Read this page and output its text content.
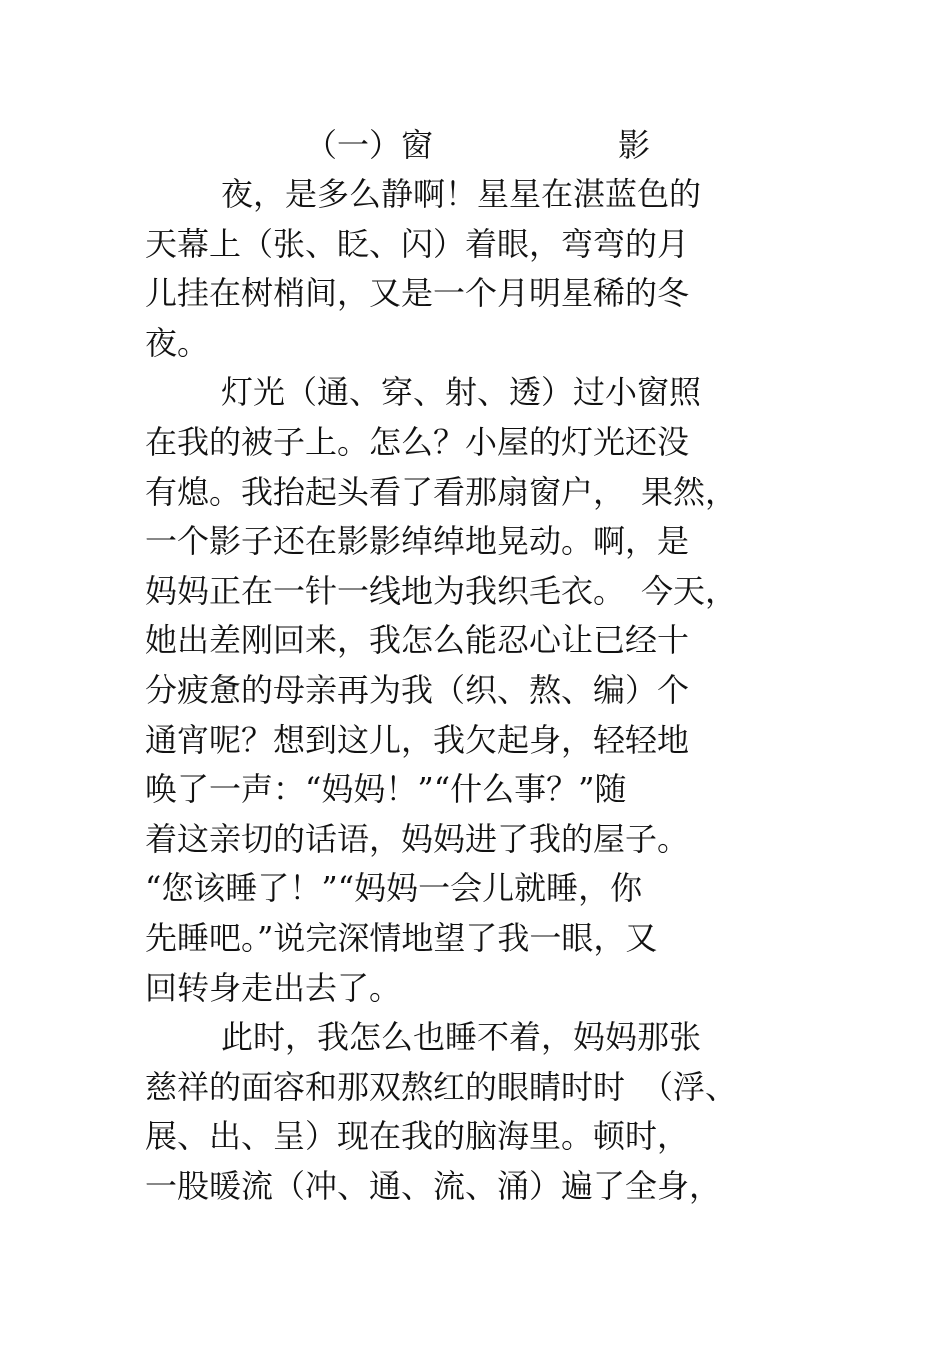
（一）窗	影
夜，是多么静啊！星星在湛蓝色的
天幕上（张、眨、闪）着眼，弯弯的月
儿挂在树梢间，又是一个月明星稀的冬
夜。
灯光（通、穿、射、透）过小窗照
在我的被子上。怎么？小屋的灯光还没
有熄。我抬起头看了看那扇窗户，　果然，
一个影子还在影影绰绰地晃动。啊，是
妈妈正在一针一线地为我织毛衣。　今天，
她出差刚回来，我怎么能忍心让已经十
分疲惫的母亲再为我（织、熬、编）个
通宵呢？想到这儿，我欠起身，轻轻地
唤了一声：“妈妈！”“什么事？”随
着这亲切的话语，妈妈进了我的屋子。
“您该睡了！”“妈妈一会儿就睡，你
先睡吧。”说完深情地望了我一眼，又
回转身走出去了。
此时，我怎么也睡不着，妈妈那张
慈祥的面容和那双熬红的眼睛时时　（浮、
展、出、呈）现在我的脑海里。顿时，
一股暖流（冲、通、流、涌）遍了全身，
